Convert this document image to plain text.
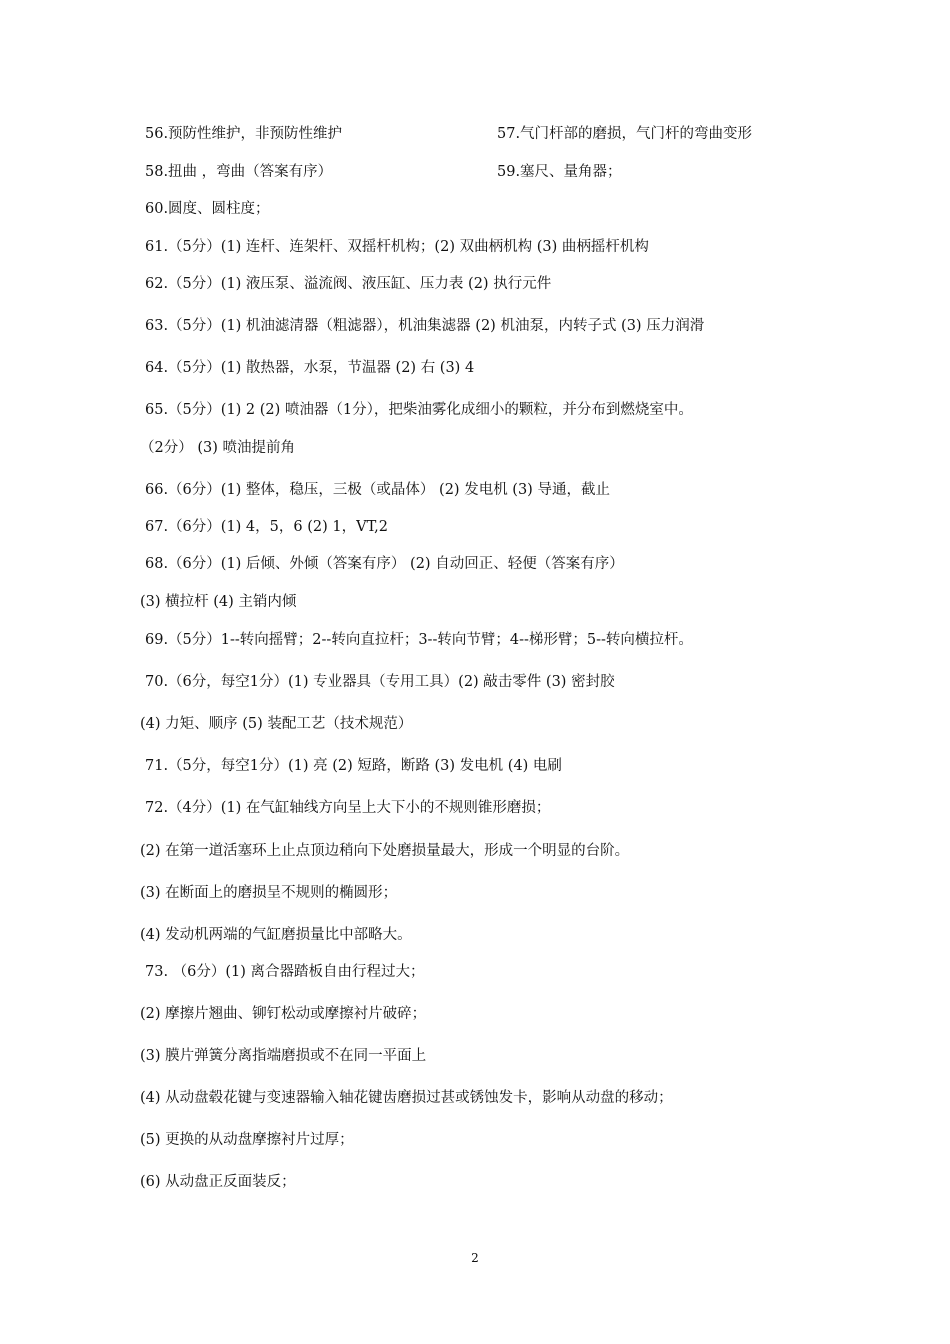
56.预防性维护，非预防性维护	57.气门杆部的磨损，气门杆的弯曲变形
58.扭曲 ，弯曲（答案有序）	59.塞尺、量角器；
60.圆度、圆柱度；
61.（5分）(1) 连杆、连架杆、双摇杆机构；(2) 双曲柄机构 (3) 曲柄摇杆机构
62.（5分）(1) 液压泵、溢流阀、液压缸、压力表 (2) 执行元件
63.（5分）(1) 机油滤清器（粗滤器），机油集滤器 (2) 机油泵，内转子式 (3) 压力润滑
64.（5分）(1) 散热器，水泵，节温器 (2) 右 (3) 4
65.（5分）(1) 2 (2) 喷油器（1分），把柴油雾化成细小的颗粒，并分布到燃烧室中。
（2分） (3) 喷油提前角
66.（6分）(1) 整体，稳压，三极（或晶体） (2) 发电机 (3) 导通，截止
67.（6分）(1) 4，5，6 (2) 1，VT,2
68.（6分）(1) 后倾、外倾（答案有序） (2) 自动回正、轻便（答案有序）
(3) 横拉杆 (4) 主销内倾
69.（5分）1--转向摇臂；2--转向直拉杆；3--转向节臂；4--梯形臂；5--转向横拉杆。
70.（6分，每空1分）(1) 专业器具（专用工具）(2) 敲击零件 (3) 密封胶
(4) 力矩、顺序 (5) 装配工艺（技术规范）
71.（5分，每空1分）(1) 亮 (2) 短路，断路 (3) 发电机 (4) 电刷
72.（4分）(1) 在气缸轴线方向呈上大下小的不规则锥形磨损；
(2) 在第一道活塞环上止点顶边稍向下处磨损量最大，形成一个明显的台阶。
(3) 在断面上的磨损呈不规则的椭圆形；
(4) 发动机两端的气缸磨损量比中部略大。
73. （6分）(1) 离合器踏板自由行程过大；
(2) 摩擦片翘曲、铆钉松动或摩擦衬片破碎；
(3) 膜片弹簧分离指端磨损或不在同一平面上
(4) 从动盘毂花键与变速器输入轴花键齿磨损过甚或锈蚀发卡，影响从动盘的移动；
(5) 更换的从动盘摩擦衬片过厚；
(6) 从动盘正反面装反；
2
